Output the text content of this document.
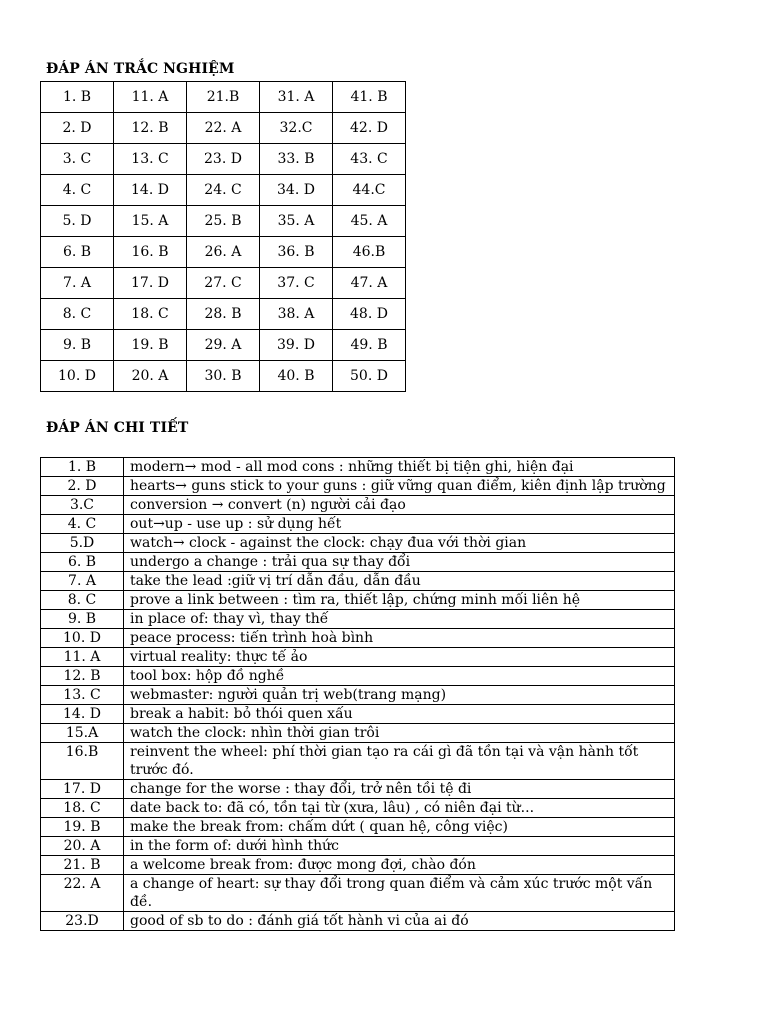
ĐÁP ÁN TRẮC NGHIỆM
1. B	11. A	21.B	31. A	41. B
2. D	12. B	22. A	32.C	42. D
3. C	13. C	23. D	33. B	43. C
4. C	14. D	24. C	34. D	44.C
5. D	15. A	25. B	35. A	45. A
6. B	16. B	26. A	36. B	46.B
7. A	17. D	27. C	37. C	47. A
8. C	18. C	28. B	38. A	48. D
9. B	19. B	29. A	39. D	49. B
10. D	20. A	30. B	40. B	50. D
ĐÁP ÁN CHI TIẾT
1. B	modern→ mod - all mod cons : những thiết bị tiện ghi, hiện đại
2. D	hearts→ guns stick to your guns : giữ vững quan điểm, kiên định lập trường
3.C	conversion → convert (n) người cải đạo
4. C	out→up - use up : sử dụng hết
5.D	watch→ clock - against the clock: chạy đua với thời gian
6. B	undergo a change : trải qua sự thay đổi
7. A	take the lead :giữ vị trí dẫn đầu, dẫn đầu
8. C	prove a link between : tìm ra, thiết lập, chứng minh mối liên hệ
9. B	in place of: thay vì, thay thế
10. D	peace process: tiến trình hoà bình
11. A	virtual reality: thực tế ảo
12. B	tool box: hộp đồ nghề
13. C	webmaster: người quản trị web(trang mạng)
14. D	break a habit: bỏ thói quen xấu
15.A	watch the clock: nhìn thời gian trôi
16.B	reinvent the wheel: phí thời gian tạo ra cái gì đã tồn tại và vận hành tốt trước đó.
17. D	change for the worse : thay đổi, trở nên tồi tệ đi
18. C	date back to: đã có, tồn tại từ (xưa, lâu) , có niên đại từ...
19. B	make the break from: chấm dứt ( quan hệ, công việc)
20. A	in the form of: dưới hình thức
21. B	a welcome break from: được mong đợi, chào đón
22. A	a change of heart: sự thay đổi trong quan điểm và cảm xúc trước một vấn đề.
23.D	good of sb to do : đánh giá tốt hành vi của ai đó
